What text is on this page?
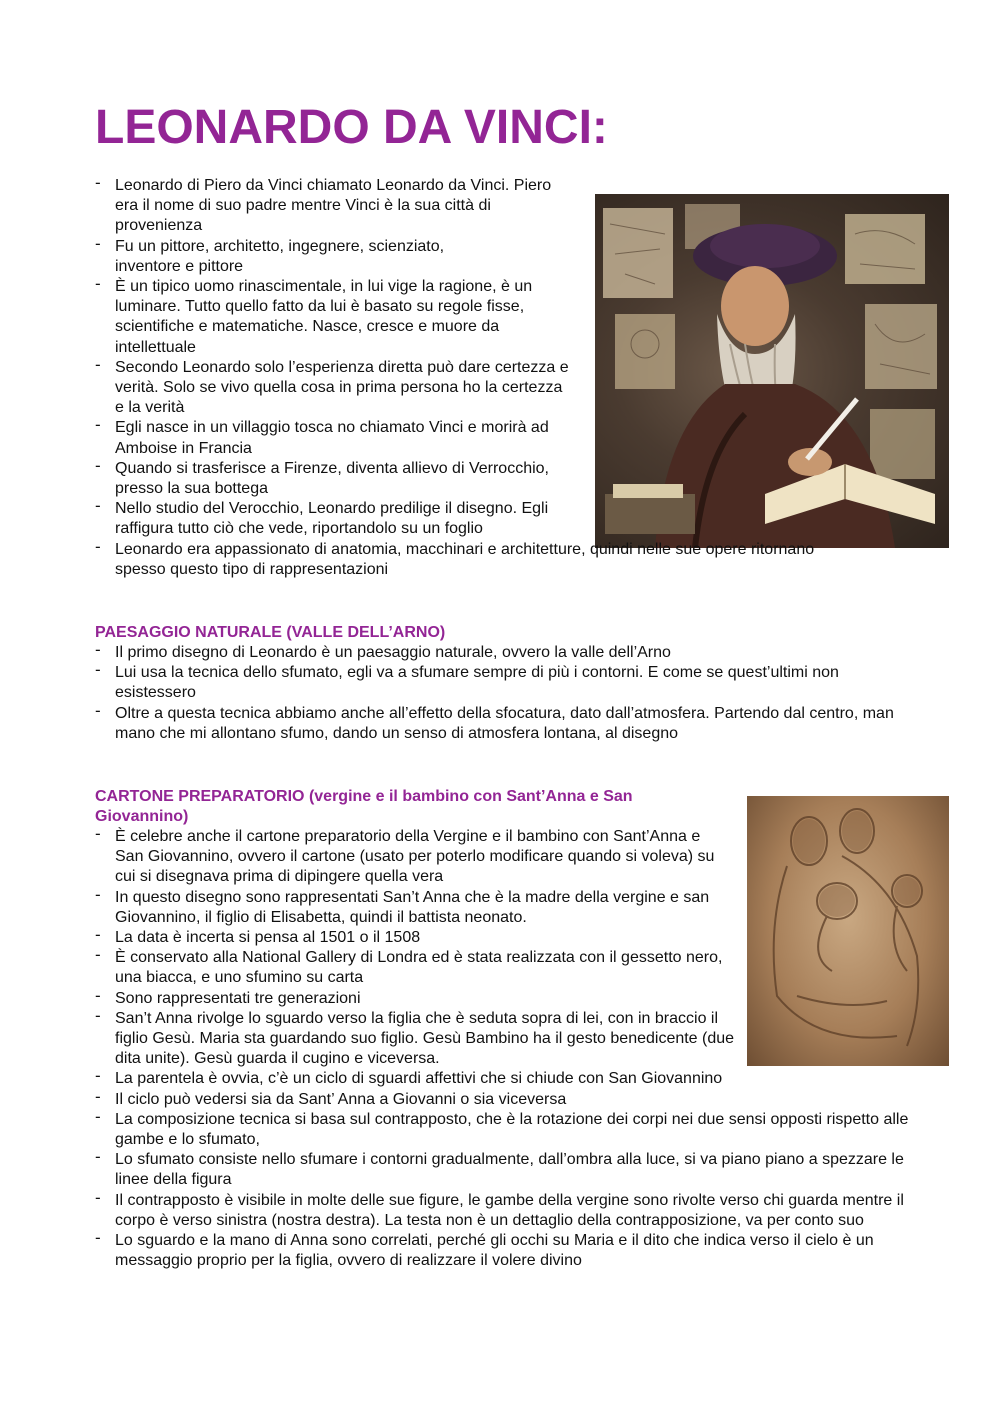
LEONARDO DA VINCI:
- Leonardo di Piero da Vinci chiamato Leonardo da Vinci. Piero era il nome di suo padre mentre Vinci è la sua città di provenienza
- Fu un pittore, architetto, ingegnere, scienziato, inventore e pittore
- È un tipico uomo rinascimentale, in lui vige la ragione, è un luminare. Tutto quello fatto da lui è basato su regole fisse, scientifiche e matematiche. Nasce, cresce e muore da intellettuale
- Secondo Leonardo solo l’esperienza diretta può dare certezza e verità. Solo se vivo quella cosa in prima persona ho la certezza e la verità
- Egli nasce in un villaggio tosca no chiamato Vinci e morirà ad Amboise in Francia
- Quando si trasferisce a Firenze, diventa allievo di Verrocchio, presso la sua bottega
- Nello studio del Verocchio, Leonardo predilige il disegno. Egli raffigura tutto ciò che vede, riportandolo su un foglio
- Leonardo era appassionato di anatomia, macchinari e architetture, quindi nelle sue opere ritornano spesso questo tipo di rappresentazioni

PAESAGGIO NATURALE (VALLE DELL’ARNO)

- Il primo disegno di Leonardo è un paesaggio naturale, ovvero la valle dell’Arno
- Lui usa la tecnica dello sfumato, egli va a sfumare sempre di più i contorni. E come se quest’ultimi non esistessero
- Oltre a questa tecnica abbiamo anche all’effetto della sfocatura, dato dall’atmosfera. Partendo dal centro, man mano che mi allontano sfumo, dando un senso di atmosfera lontana, al disegno

CARTONE PREPARATORIO (vergine e il bambino con Sant’Anna e San Giovannino)

- È celebre anche il cartone preparatorio della Vergine e il bambino con Sant’Anna e San Giovannino, ovvero il cartone (usato per poterlo modificare quando si voleva) su cui si disegnava prima di dipingere quella vera
- In questo disegno sono rappresentati San’t Anna che è la madre della vergine e san Giovannino, il figlio di Elisabetta, quindi il battista neonato.
- La data è incerta si pensa al 1501 o il 1508
- È conservato alla National Gallery di Londra ed è stata realizzata con il gessetto nero, una biacca, e uno sfumino su carta
- Sono rappresentati tre generazioni
- San’t Anna rivolge lo sguardo verso la figlia che è seduta sopra di lei, con in braccio il figlio Gesù. Maria sta guardando suo figlio. Gesù Bambino ha il gesto benedicente (due dita unite). Gesù guarda il cugino e viceversa.
- La parentela è ovvia, c’è un ciclo di sguardi affettivi che si chiude con San Giovannino
- Il ciclo può vedersi sia da Sant’ Anna a Giovanni o sia viceversa
- La composizione tecnica si basa sul contrapposto, che è la rotazione dei corpi nei due sensi opposti rispetto alle gambe e lo sfumato,
- Lo sfumato consiste nello sfumare i contorni gradualmente, dall’ombra alla luce, si va piano piano a spezzare le linee della figura
- Il contrapposto è visibile in molte delle sue figure, le gambe della vergine sono rivolte verso chi guarda mentre il corpo è verso sinistra (nostra destra). La testa non è un dettaglio della contrapposizione, va per conto suo
- Lo sguardo e la mano di Anna sono correlati, perché gli occhi su Maria e il dito che indica verso il cielo è un messaggio proprio per la figlia, ovvero di realizzare il volere divino
